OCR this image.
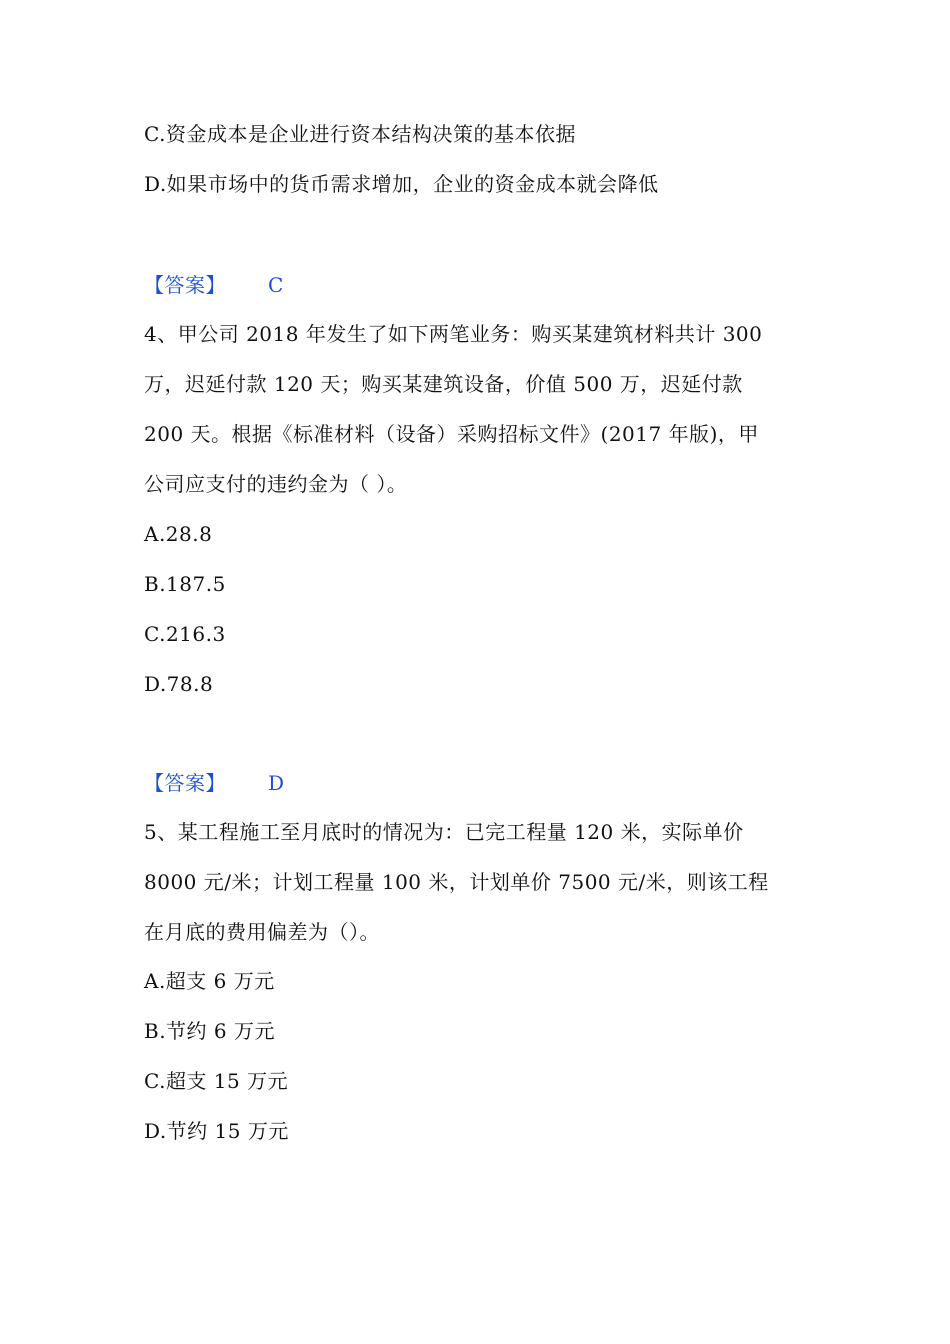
C.资金成本是企业进行资本结构决策的基本依据
D.如果市场中的货币需求增加，企业的资金成本就会降低
【答案】 C
4、甲公司 2018 年发生了如下两笔业务：购买某建筑材料共计 300
万，迟延付款 120 天；购买某建筑设备，价值 500 万，迟延付款
200 天。根据《标准材料（设备）采购招标文件》(2017 年版)，甲
公司应支付的违约金为（ ）。
A.28.8
B.187.5
C.216.3
D.78.8
【答案】 D
5、某工程施工至月底时的情况为：已完工程量 120 米，实际单价
8000 元/米；计划工程量 100 米，计划单价 7500 元/米，则该工程
在月底的费用偏差为（）。
A.超支 6 万元
B.节约 6 万元
C.超支 15 万元
D.节约 15 万元
